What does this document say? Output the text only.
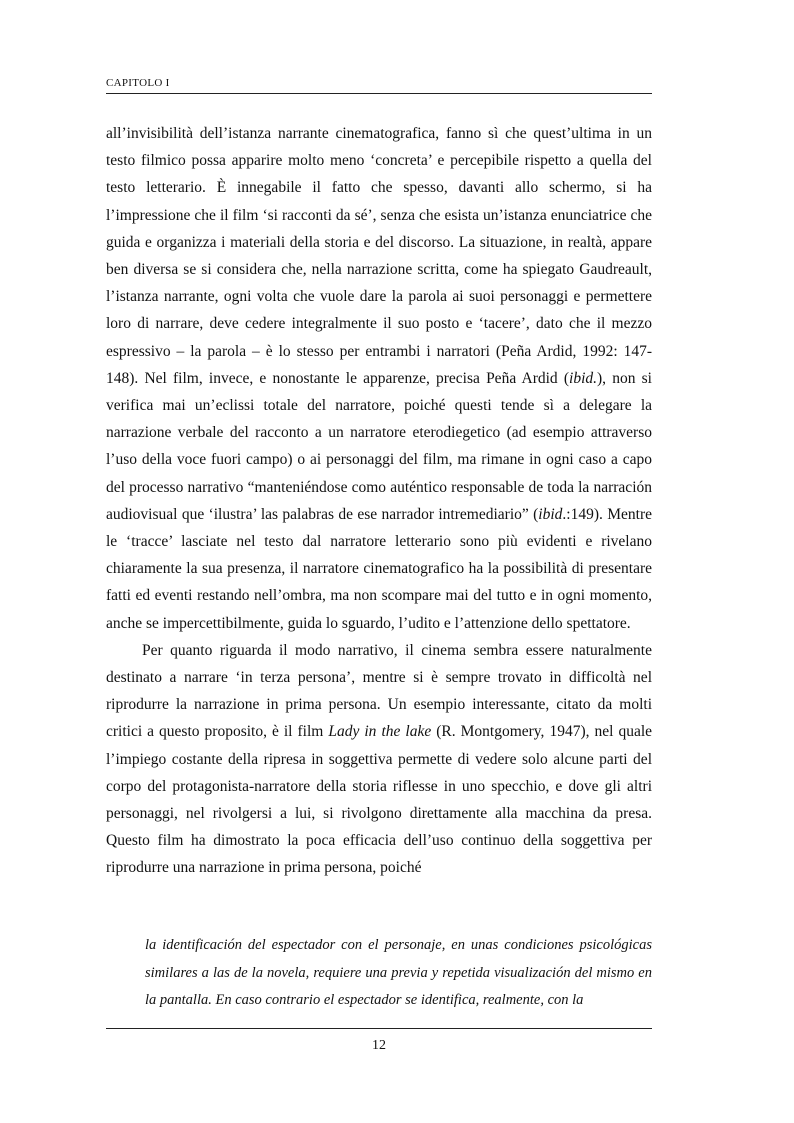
CAPITOLO I

all’invisibilità dell’istanza narrante cinematografica, fanno sì che quest’ultima in un testo filmico possa apparire molto meno ‘concreta’ e percepibile rispetto a quella del testo letterario. È innegabile il fatto che spesso, davanti allo schermo, si ha l’impressione che il film ‘si racconti da sé’, senza che esista un’istanza enunciatrice che guida e organizza i materiali della storia e del discorso. La situazione, in realtà, appare ben diversa se si considera che, nella narrazione scritta, come ha spiegato Gaudreault, l’istanza narrante, ogni volta che vuole dare la parola ai suoi personaggi e permettere loro di narrare, deve cedere integralmente il suo posto e ‘tacere’, dato che il mezzo espressivo – la parola – è lo stesso per entrambi i narratori (Peña Ardid, 1992: 147-148). Nel film, invece, e nonostante le apparenze, precisa Peña Ardid (ibid.), non si verifica mai un’eclissi totale del narratore, poiché questi tende sì a delegare la narrazione verbale del racconto a un narratore eterodiegetico (ad esempio attraverso l’uso della voce fuori campo) o ai personaggi del film, ma rimane in ogni caso a capo del processo narrativo “manteniéndose como auténtico responsable de toda la narración audiovisual que ‘ilustra’ las palabras de ese narrador intremediario” (ibid.:149). Mentre le ‘tracce’ lasciate nel testo dal narratore letterario sono più evidenti e rivelano chiaramente la sua presenza, il narratore cinematografico ha la possibilità di presentare fatti ed eventi restando nell’ombra, ma non scompare mai del tutto e in ogni momento, anche se impercettibilmente, guida lo sguardo, l’udito e l’attenzione dello spettatore.

Per quanto riguarda il modo narrativo, il cinema sembra essere naturalmente destinato a narrare ‘in terza persona’, mentre si è sempre trovato in difficoltà nel riprodurre la narrazione in prima persona. Un esempio interessante, citato da molti critici a questo proposito, è il film Lady in the lake (R. Montgomery, 1947), nel quale l’impiego costante della ripresa in soggettiva permette di vedere solo alcune parti del corpo del protagonista-narratore della storia riflesse in uno specchio, e dove gli altri personaggi, nel rivolgersi a lui, si rivolgono direttamente alla macchina da presa. Questo film ha dimostrato la poca efficacia dell’uso continuo della soggettiva per riprodurre una narrazione in prima persona, poiché

la identificación del espectador con el personaje, en unas condiciones psicológicas similares a las de la novela, requiere una previa y repetida visualización del mismo en la pantalla. En caso contrario el espectador se identifica, realmente, con la
12
